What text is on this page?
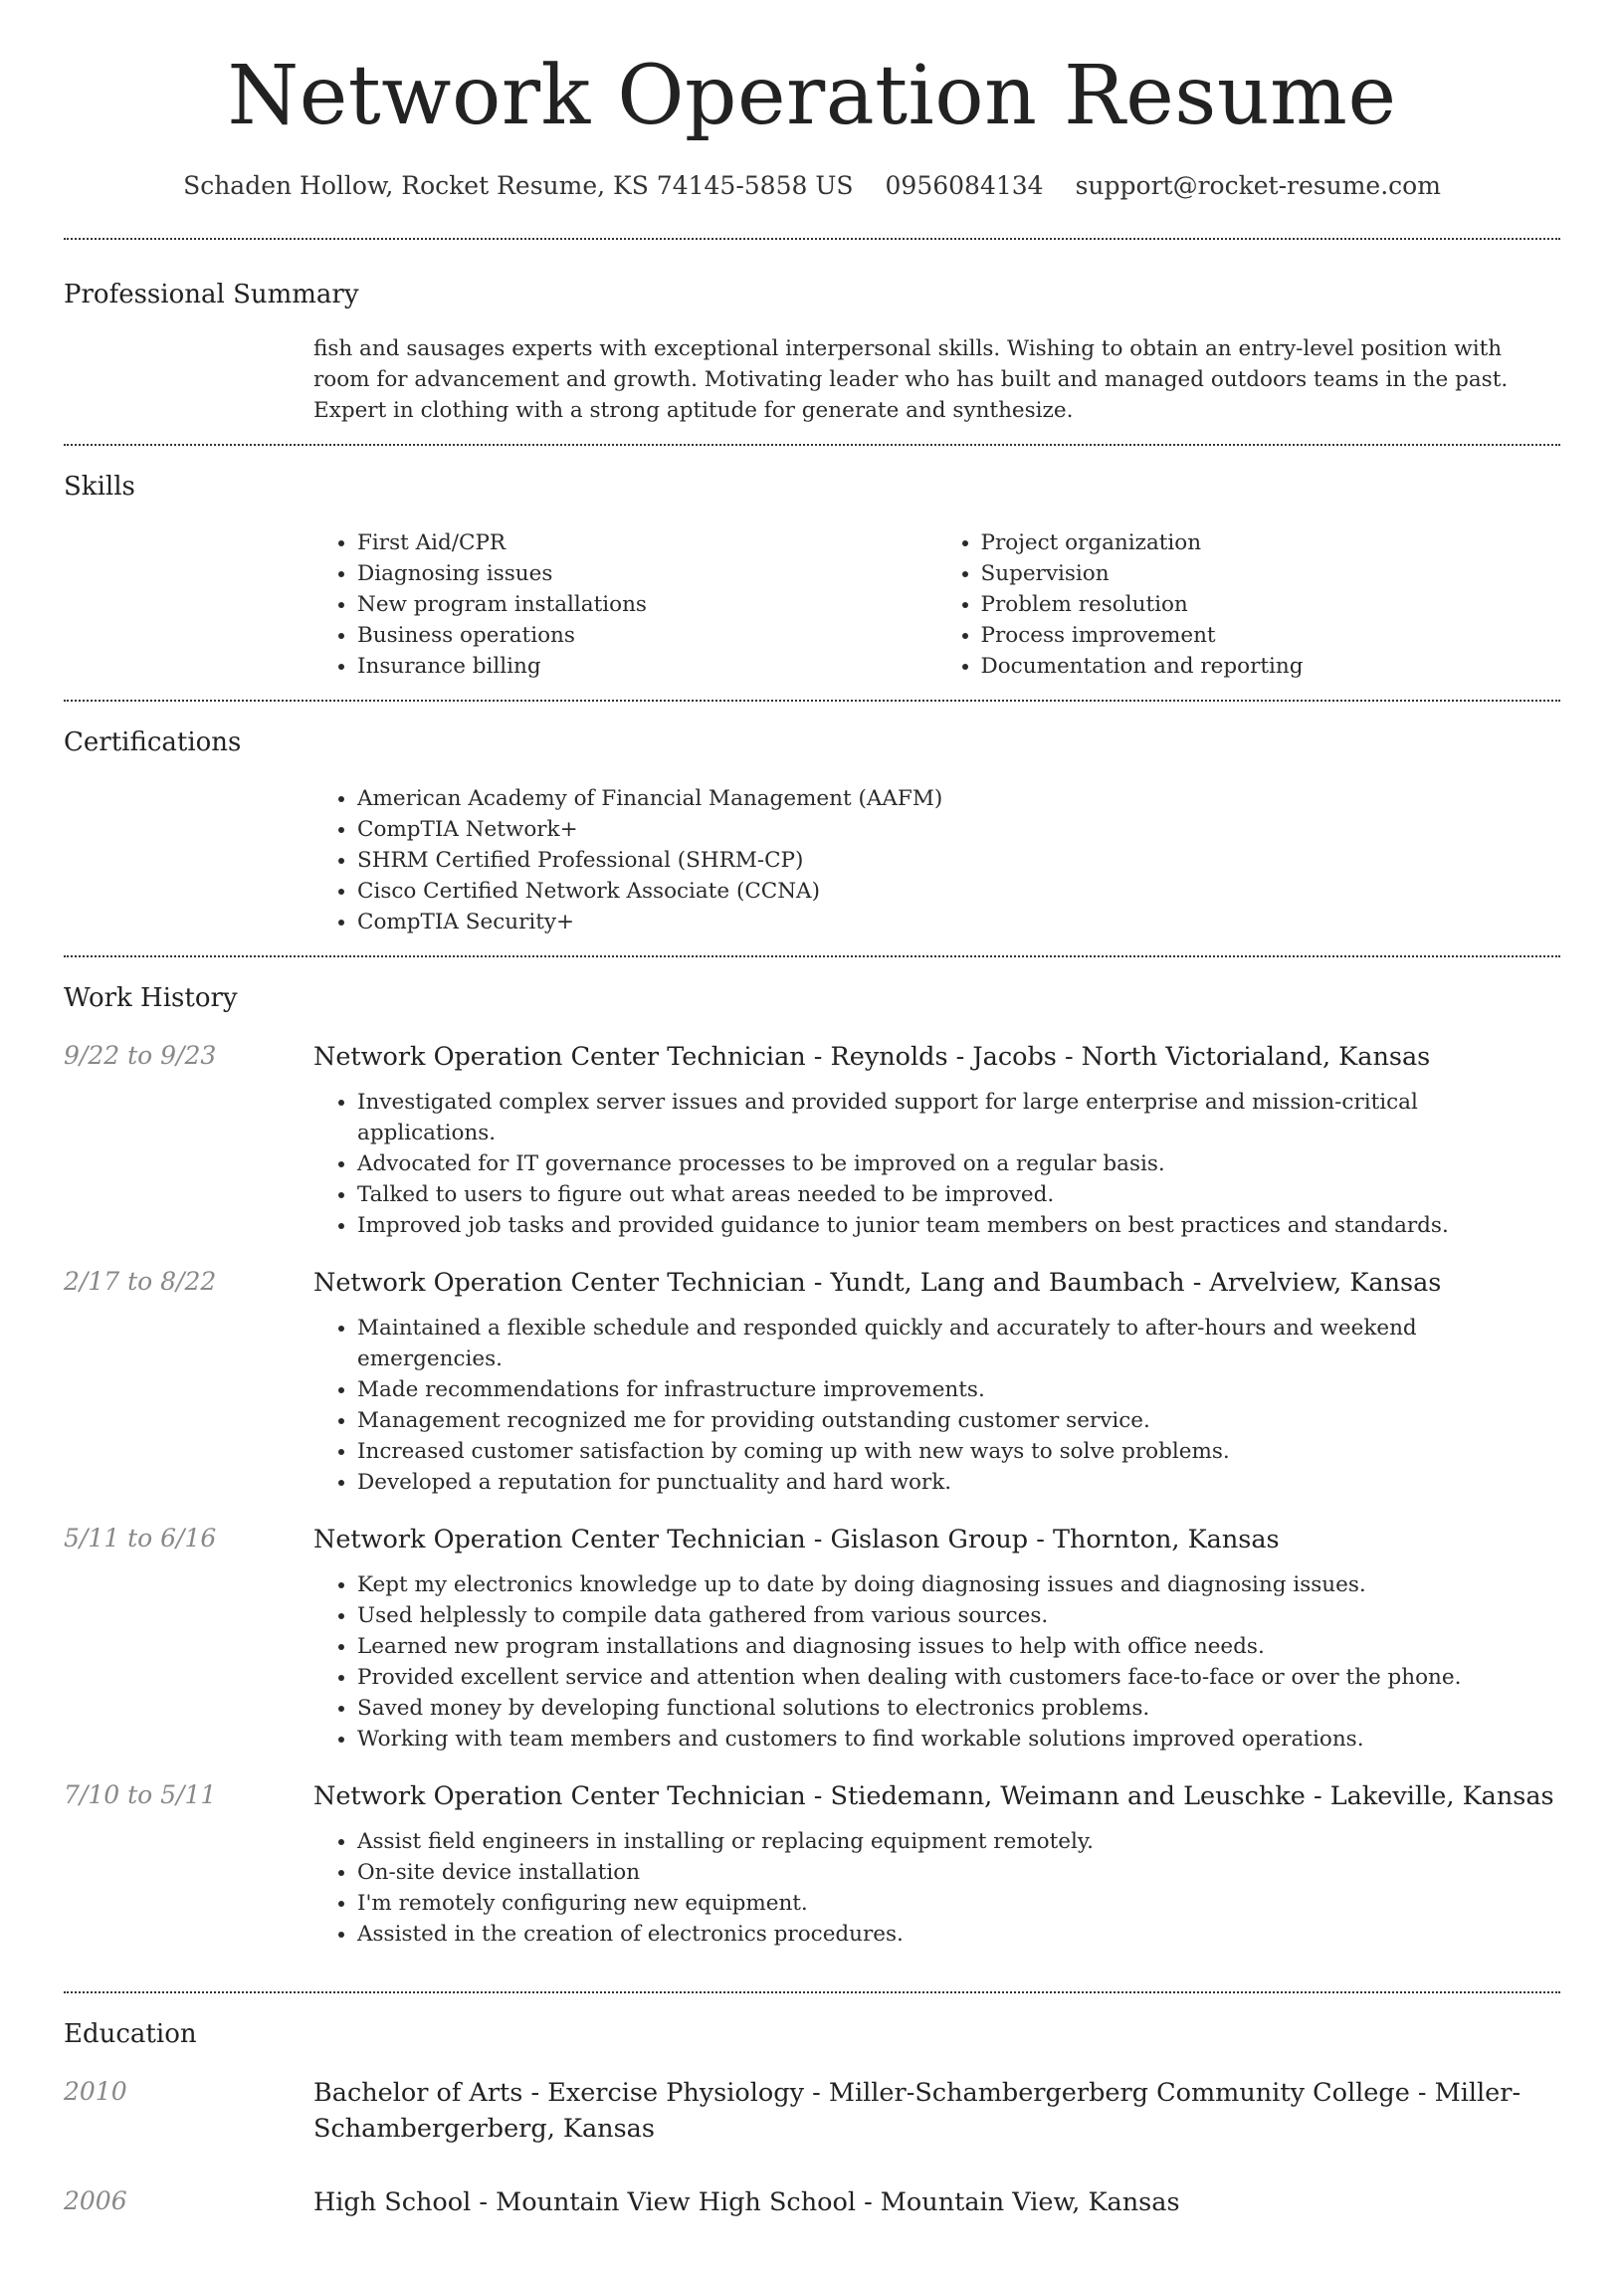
Network Operation Resume
Schaden Hollow, Rocket Resume, KS 74145-5858 US 0956084134 support@rocket-resume.com
Professional Summary
fish and sausages experts with exceptional interpersonal skills. Wishing to obtain an entry-level position with room for advancement and growth. Motivating leader who has built and managed outdoors teams in the past. Expert in clothing with a strong aptitude for generate and synthesize.
Skills
• First Aid/CPR
• Diagnosing issues
• New program installations
• Business operations
• Insurance billing
• Project organization
• Supervision
• Problem resolution
• Process improvement
• Documentation and reporting
Certifications
• American Academy of Financial Management (AAFM)
• CompTIA Network+
• SHRM Certified Professional (SHRM-CP)
• Cisco Certified Network Associate (CCNA)
• CompTIA Security+
Work History
9/22 to 9/23	Network Operation Center Technician - Reynolds - Jacobs - North Victorialand, Kansas
• Investigated complex server issues and provided support for large enterprise and mission-critical applications.
• Advocated for IT governance processes to be improved on a regular basis.
• Talked to users to figure out what areas needed to be improved.
• Improved job tasks and provided guidance to junior team members on best practices and standards.
2/17 to 8/22	Network Operation Center Technician - Yundt, Lang and Baumbach - Arvelview, Kansas
• Maintained a flexible schedule and responded quickly and accurately to after-hours and weekend emergencies.
• Made recommendations for infrastructure improvements.
• Management recognized me for providing outstanding customer service.
• Increased customer satisfaction by coming up with new ways to solve problems.
• Developed a reputation for punctuality and hard work.
5/11 to 6/16	Network Operation Center Technician - Gislason Group - Thornton, Kansas
• Kept my electronics knowledge up to date by doing diagnosing issues and diagnosing issues.
• Used helplessly to compile data gathered from various sources.
• Learned new program installations and diagnosing issues to help with office needs.
• Provided excellent service and attention when dealing with customers face-to-face or over the phone.
• Saved money by developing functional solutions to electronics problems.
• Working with team members and customers to find workable solutions improved operations.
7/10 to 5/11	Network Operation Center Technician - Stiedemann, Weimann and Leuschke - Lakeville, Kansas
• Assist field engineers in installing or replacing equipment remotely.
• On-site device installation
• I'm remotely configuring new equipment.
• Assisted in the creation of electronics procedures.
Education
2010	Bachelor of Arts - Exercise Physiology - Miller-Schambergerberg Community College - Miller-Schambergerberg, Kansas
2006	High School - Mountain View High School - Mountain View, Kansas
